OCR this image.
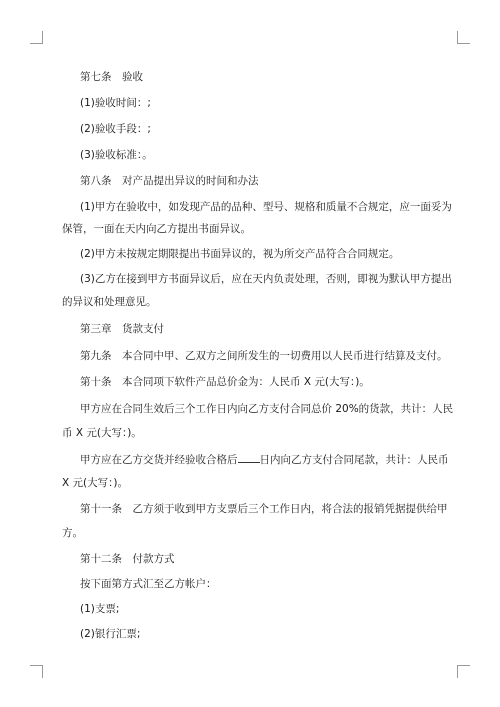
第七条　验收
(1)验收时间：;
(2)验收手段：;
(3)验收标准：。
第八条　对产品提出异议的时间和办法
(1)甲方在验收中，如发现产品的品种、型号、规格和质量不合规定，应一面妥为
保管，一面在天内向乙方提出书面异议。
(2)甲方未按规定期限提出书面异议的，视为所交产品符合合同规定。
(3)乙方在接到甲方书面异议后，应在天内负责处理，否则，即视为默认甲方提出
的异议和处理意见。
第三章　货款支付
第九条　本合同中甲、乙双方之间所发生的一切费用以人民币进行结算及支付。
第十条　本合同项下软件产品总价金为：人民币 X 元(大写：)。
甲方应在合同生效后三个工作日内向乙方支付合同总价 20%的货款，共计：人民
币 X 元(大写：)。
甲方应在乙方交货并经验收合格后 日内向乙方支付合同尾款，共计：人民币
X 元(大写：)。
第十一条　乙方须于收到甲方支票后三个工作日内，将合法的报销凭据提供给甲
方。
第十二条　付款方式
按下面第方式汇至乙方帐户：
(1)支票;
(2)银行汇票;
